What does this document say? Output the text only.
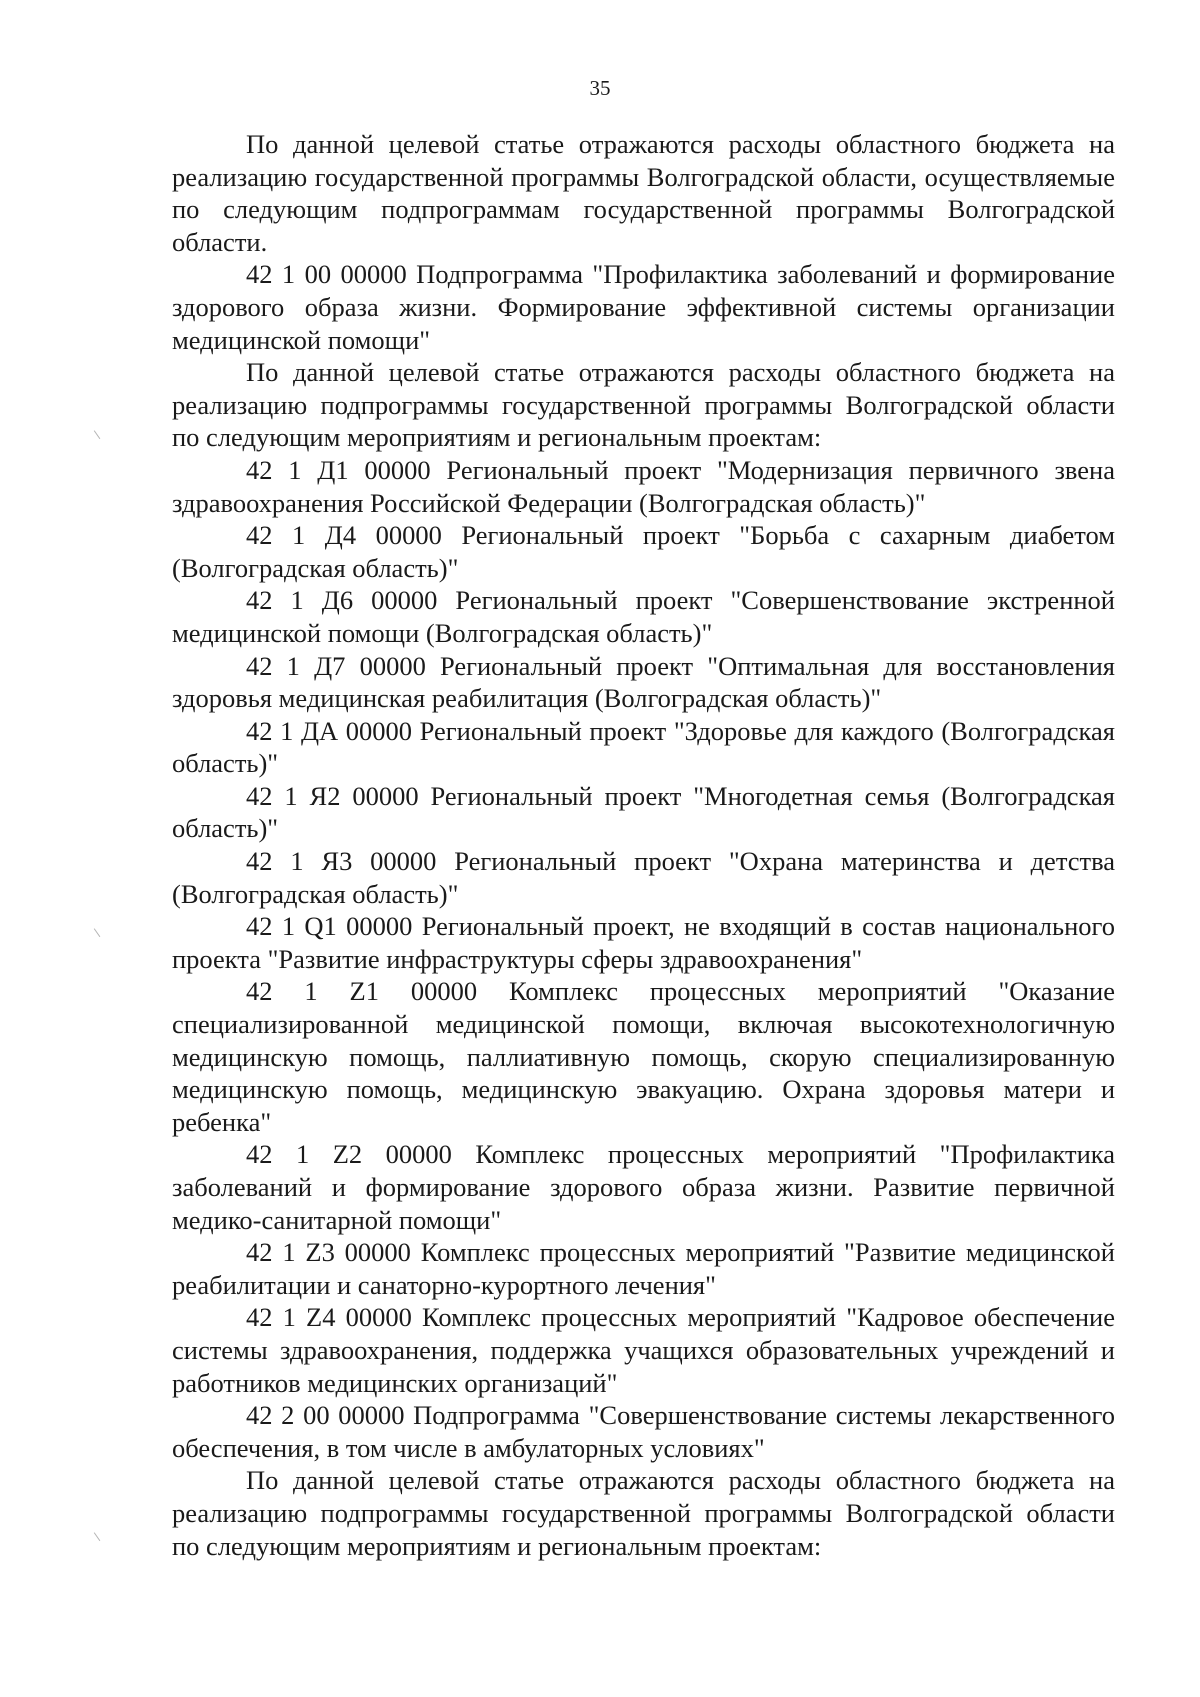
35

По данной целевой статье отражаются расходы областного бюджета на реализацию государственной программы Волгоградской области, осуществляемые по следующим подпрограммам государственной программы Волгоградской области.

42 1 00 00000 Подпрограмма "Профилактика заболеваний и формирование здорового образа жизни. Формирование эффективной системы организации медицинской помощи"

По данной целевой статье отражаются расходы областного бюджета на реализацию подпрограммы государственной программы Волгоградской области по следующим мероприятиям и региональным проектам:

42 1 Д1 00000 Региональный проект "Модернизация первичного звена здравоохранения Российской Федерации (Волгоградская область)"

42 1 Д4 00000 Региональный проект "Борьба с сахарным диабетом (Волгоградская область)"

42 1 Д6 00000 Региональный проект "Совершенствование экстренной медицинской помощи (Волгоградская область)"

42 1 Д7 00000 Региональный проект "Оптимальная для восстановления здоровья медицинская реабилитация (Волгоградская область)"

42 1 ДА 00000 Региональный проект "Здоровье для каждого (Волгоградская область)"

42 1 Я2 00000 Региональный проект "Многодетная семья (Волгоградская область)"

42 1 Я3 00000 Региональный проект "Охрана материнства и детства (Волгоградская область)"

42 1 Q1 00000 Региональный проект, не входящий в состав национального проекта "Развитие инфраструктуры сферы здравоохранения"

42 1 Z1 00000 Комплекс процессных мероприятий "Оказание специализированной медицинской помощи, включая высокотехнологичную медицинскую помощь, паллиативную помощь, скорую специализированную медицинскую помощь, медицинскую эвакуацию. Охрана здоровья матери и ребенка"

42 1 Z2 00000 Комплекс процессных мероприятий "Профилактика заболеваний и формирование здорового образа жизни. Развитие первичной медико-санитарной помощи"

42 1 Z3 00000 Комплекс процессных мероприятий "Развитие медицинской реабилитации и санаторно-курортного лечения"

42 1 Z4 00000 Комплекс процессных мероприятий "Кадровое обеспечение системы здравоохранения, поддержка учащихся образовательных учреждений и работников медицинских организаций"

42 2 00 00000 Подпрограмма "Совершенствование системы лекарственного обеспечения, в том числе в амбулаторных условиях"

По данной целевой статье отражаются расходы областного бюджета на реализацию подпрограммы государственной программы Волгоградской области по следующим мероприятиям и региональным проектам:
